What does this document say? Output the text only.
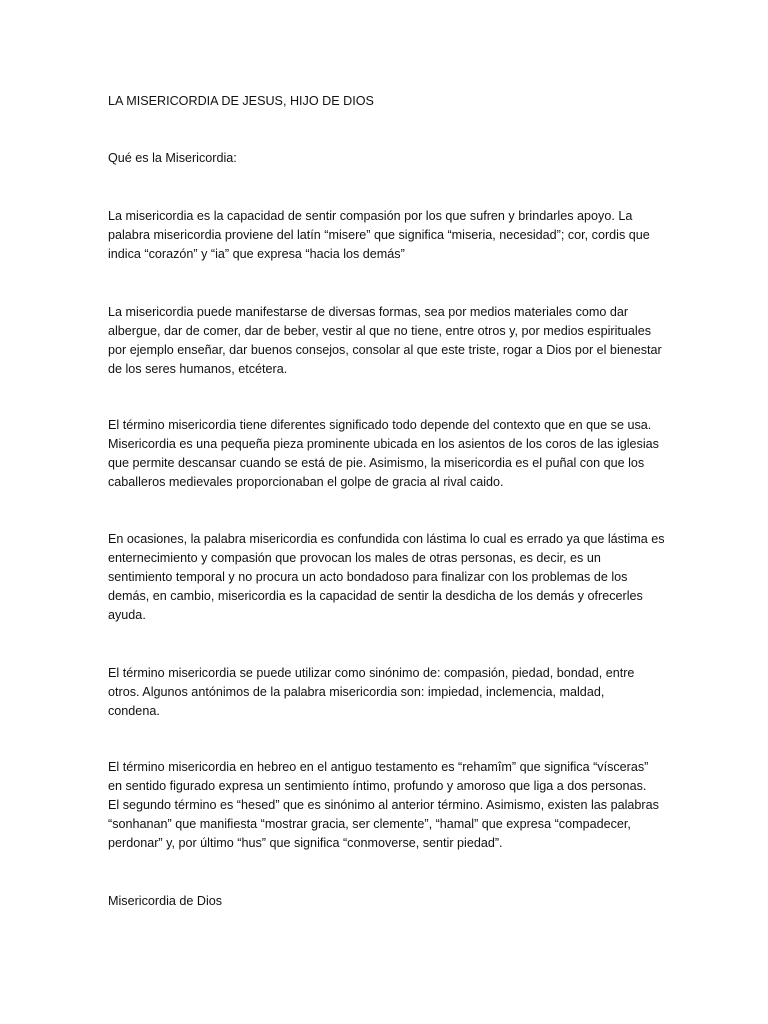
LA MISERICORDIA DE JESUS, HIJO DE DIOS
Qué es la Misericordia:
La misericordia es la capacidad de sentir compasión por los que sufren y brindarles apoyo. La
palabra misericordia proviene del latín “misere” que significa “miseria, necesidad”; cor, cordis que
indica “corazón” y “ia” que expresa “hacia los demás”
La misericordia puede manifestarse de diversas formas, sea por medios materiales como dar
albergue, dar de comer, dar de beber, vestir al que no tiene, entre otros y, por medios espirituales
por ejemplo enseñar, dar buenos consejos, consolar al que este triste, rogar a Dios por el bienestar
de los seres humanos, etcétera.
El término misericordia tiene diferentes significado todo depende del contexto que en que se usa.
Misericordia es una pequeña pieza prominente ubicada en los asientos de los coros de las iglesias
que permite descansar cuando se está de pie. Asimismo, la misericordia es el puñal con que los
caballeros medievales proporcionaban el golpe de gracia al rival caido.
En ocasiones, la palabra misericordia es confundida con lástima lo cual es errado ya que lástima es
enternecimiento y compasión que provocan los males de otras personas, es decir, es un
sentimiento temporal y no procura un acto bondadoso para finalizar con los problemas de los
demás, en cambio, misericordia es la capacidad de sentir la desdicha de los demás y ofrecerles
ayuda.
El término misericordia se puede utilizar como sinónimo de: compasión, piedad, bondad, entre
otros. Algunos antónimos de la palabra misericordia son: impiedad, inclemencia, maldad,
condena.
El término misericordia en hebreo en el antiguo testamento es “rehamîm” que significa “vísceras”
en sentido figurado expresa un sentimiento íntimo, profundo y amoroso que liga a dos personas.
El segundo término es “hesed” que es sinónimo al anterior término. Asimismo, existen las palabras
“sonhanan” que manifiesta “mostrar gracia, ser clemente”, “hamal” que expresa “compadecer,
perdonar” y, por último “hus” que significa “conmoverse, sentir piedad”.
Misericordia de Dios
